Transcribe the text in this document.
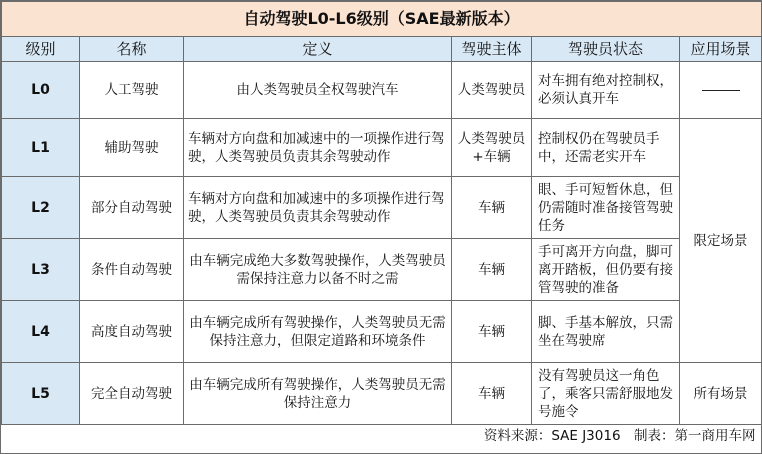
自动驾驶L0-L6级别（SAE最新版本）					
级别	名称	定义	驾驶主体	驾驶员状态	应用场景
L0	人工驾驶	由人类驾驶员全权驾驶汽车	人类驾驶员	对车拥有绝对控制权，必须认真开车	
L1	辅助驾驶	车辆对方向盘和加减速中的一项操作进行驾驶，人类驾驶员负责其余驾驶动作	人类驾驶员+车辆	控制权仍在驾驶员手中，还需老实开车	限定场景
L2	部分自动驾驶	车辆对方向盘和加减速中的多项操作进行驾驶，人类驾驶员负责其余驾驶动作	车辆	眼、手可短暂休息，但仍需随时准备接管驾驶任务	
L3	条件自动驾驶	由车辆完成绝大多数驾驶操作，人类驾驶员需保持注意力以备不时之需	车辆	手可离开方向盘，脚可离开踏板，但仍要有接管驾驶的准备	
L4	高度自动驾驶	由车辆完成所有驾驶操作，人类驾驶员无需保持注意力，但限定道路和环境条件	车辆	脚、手基本解放，只需坐在驾驶席	
L5	完全自动驾驶	由车辆完成所有驾驶操作，人类驾驶员无需保持注意力	车辆	没有驾驶员这一角色了，乘客只需舒服地发号施令	所有场景
资料来源：SAE J3016　制表：第一商用车网					
